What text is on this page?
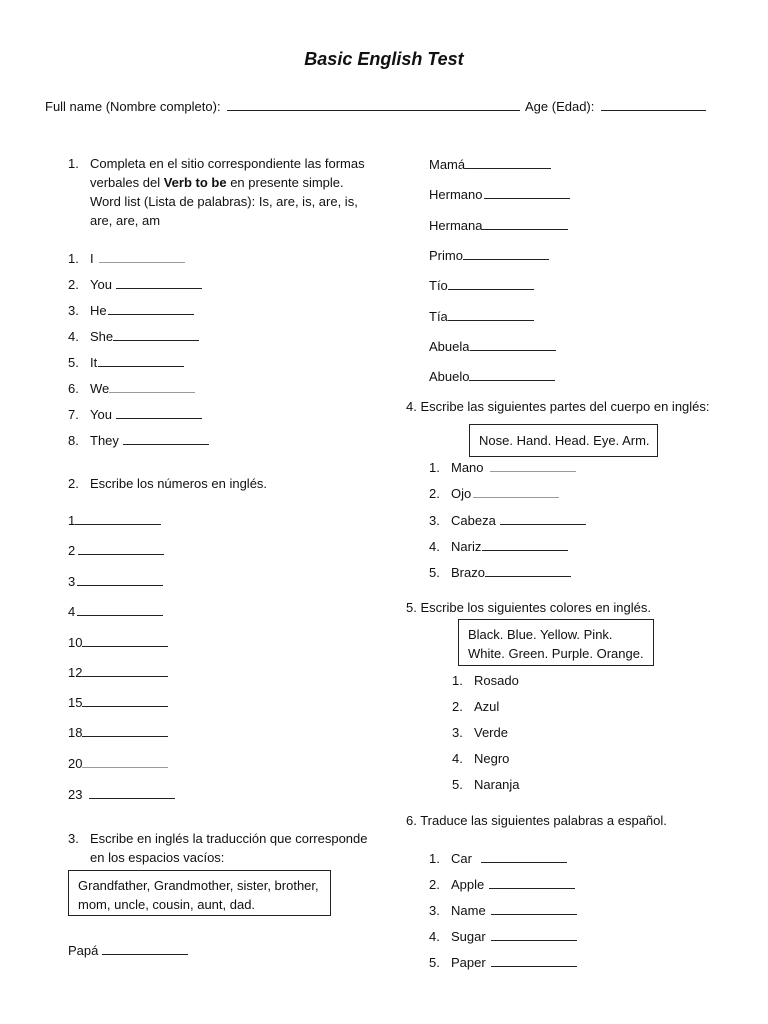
Basic English Test
Full name (Nombre completo):	Age (Edad):
1. Completa en el sitio correspondiente las formas
verbales del Verb to be en presente simple.
Word list (Lista de palabras): Is, are, is, are, is,
are, are, am
1. I
2. You
3. He
4. She
5. It
6. We
7. You
8. They
2. Escribe los números en inglés.
1
2
3
4
10
12
15
18
20
23
3. Escribe en inglés la traducción que corresponde
en los espacios vacíos:
Grandfather, Grandmother, sister, brother,
mom, uncle, cousin, aunt, dad.
Papá
Mamá
Hermano
Hermana
Primo
Tío
Tía
Abuela
Abuelo
4. Escribe las siguientes partes del cuerpo en inglés:
Nose. Hand. Head. Eye. Arm.
1. Mano
2. Ojo
3. Cabeza
4. Nariz
5. Brazo
5. Escribe los siguientes colores en inglés.
Black. Blue. Yellow. Pink.
White. Green. Purple. Orange.
1. Rosado
2. Azul
3. Verde
4. Negro
5. Naranja
6. Traduce las siguientes palabras a español.
1. Car
2. Apple
3. Name
4. Sugar
5. Paper
